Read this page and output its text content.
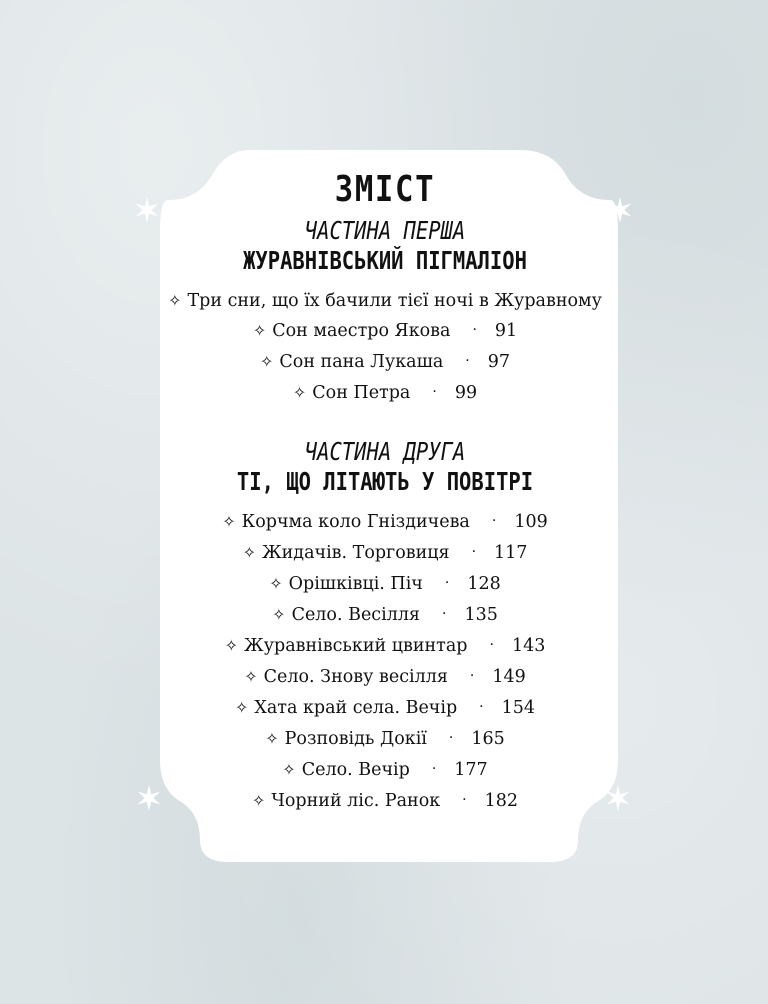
ЗМІСТ

ЧАСТИНА ПЕРША

ЖУРАВНІВСЬКИЙ ПІГМАЛІОН

✧ Три сни, що їх бачили тієї ночі в Журавному
✧ Сон маестро Якова · 91
✧ Сон пана Лукаша · 97
✧ Сон Петра · 99

ЧАСТИНА ДРУГА

ТІ, ЩО ЛІТАЮТЬ У ПОВІТРІ

✧ Корчма коло Гніздичева · 109
✧ Жидачів. Торговиця · 117
✧ Орішківці. Піч · 128
✧ Село. Весілля · 135
✧ Журавнівський цвинтар · 143
✧ Село. Знову весілля · 149
✧ Хата край села. Вечір · 154
✧ Розповідь Докії · 165
✧ Село. Вечір · 177
✧ Чорний ліс. Ранок · 182
